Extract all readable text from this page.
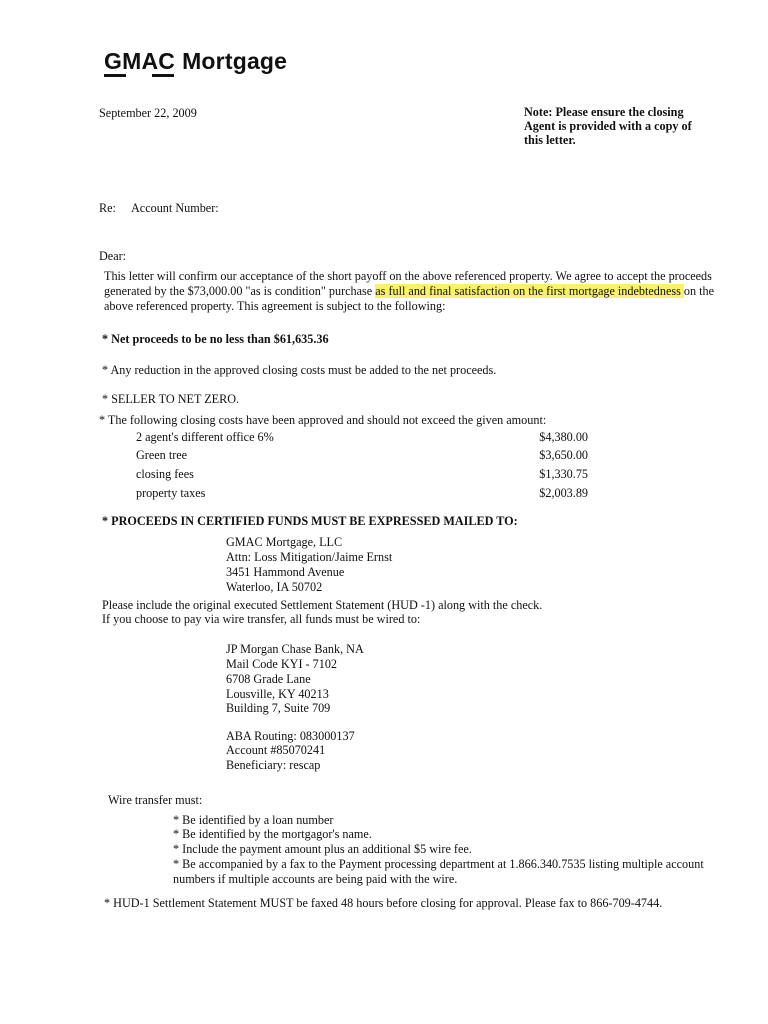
GMAC Mortgage
September 22, 2009	Note: Please ensure the closing Agent is provided with a copy of this letter.
Re: Account Number:
Dear:
This letter will confirm our acceptance of the short payoff on the above referenced property. We agree to accept the proceeds generated by the $73,000.00 "as is condition" purchase as full and final satisfaction on the first mortgage indebtedness on the above referenced property. This agreement is subject to the following:
* Net proceeds to be no less than $61,635.36
* Any reduction in the approved closing costs must be added to the net proceeds.
* SELLER TO NET ZERO.
* The following closing costs have been approved and should not exceed the given amount:
2 agent's different office 6%	$4,380.00
Green tree	$3,650.00
closing fees	$1,330.75
property taxes	$2,003.89
* PROCEEDS IN CERTIFIED FUNDS MUST BE EXPRESSED MAILED TO:
GMAC Mortgage, LLC
Attn: Loss Mitigation/Jaime Ernst
3451 Hammond Avenue
Waterloo, IA 50702
Please include the original executed Settlement Statement (HUD -1) along with the check.
If you choose to pay via wire transfer, all funds must be wired to:
JP Morgan Chase Bank, NA
Mail Code KYI - 7102
6708 Grade Lane
Lousville, KY 40213
Building 7, Suite 709
ABA Routing: 083000137
Account #85070241
Beneficiary: rescap
Wire transfer must:
* Be identified by a loan number
* Be identified by the mortgagor's name.
* Include the payment amount plus an additional $5 wire fee.
* Be accompanied by a fax to the Payment processing department at 1.866.340.7535 listing multiple account numbers if multiple accounts are being paid with the wire.
* HUD-1 Settlement Statement MUST be faxed 48 hours before closing for approval. Please fax to 866-709-4744.
